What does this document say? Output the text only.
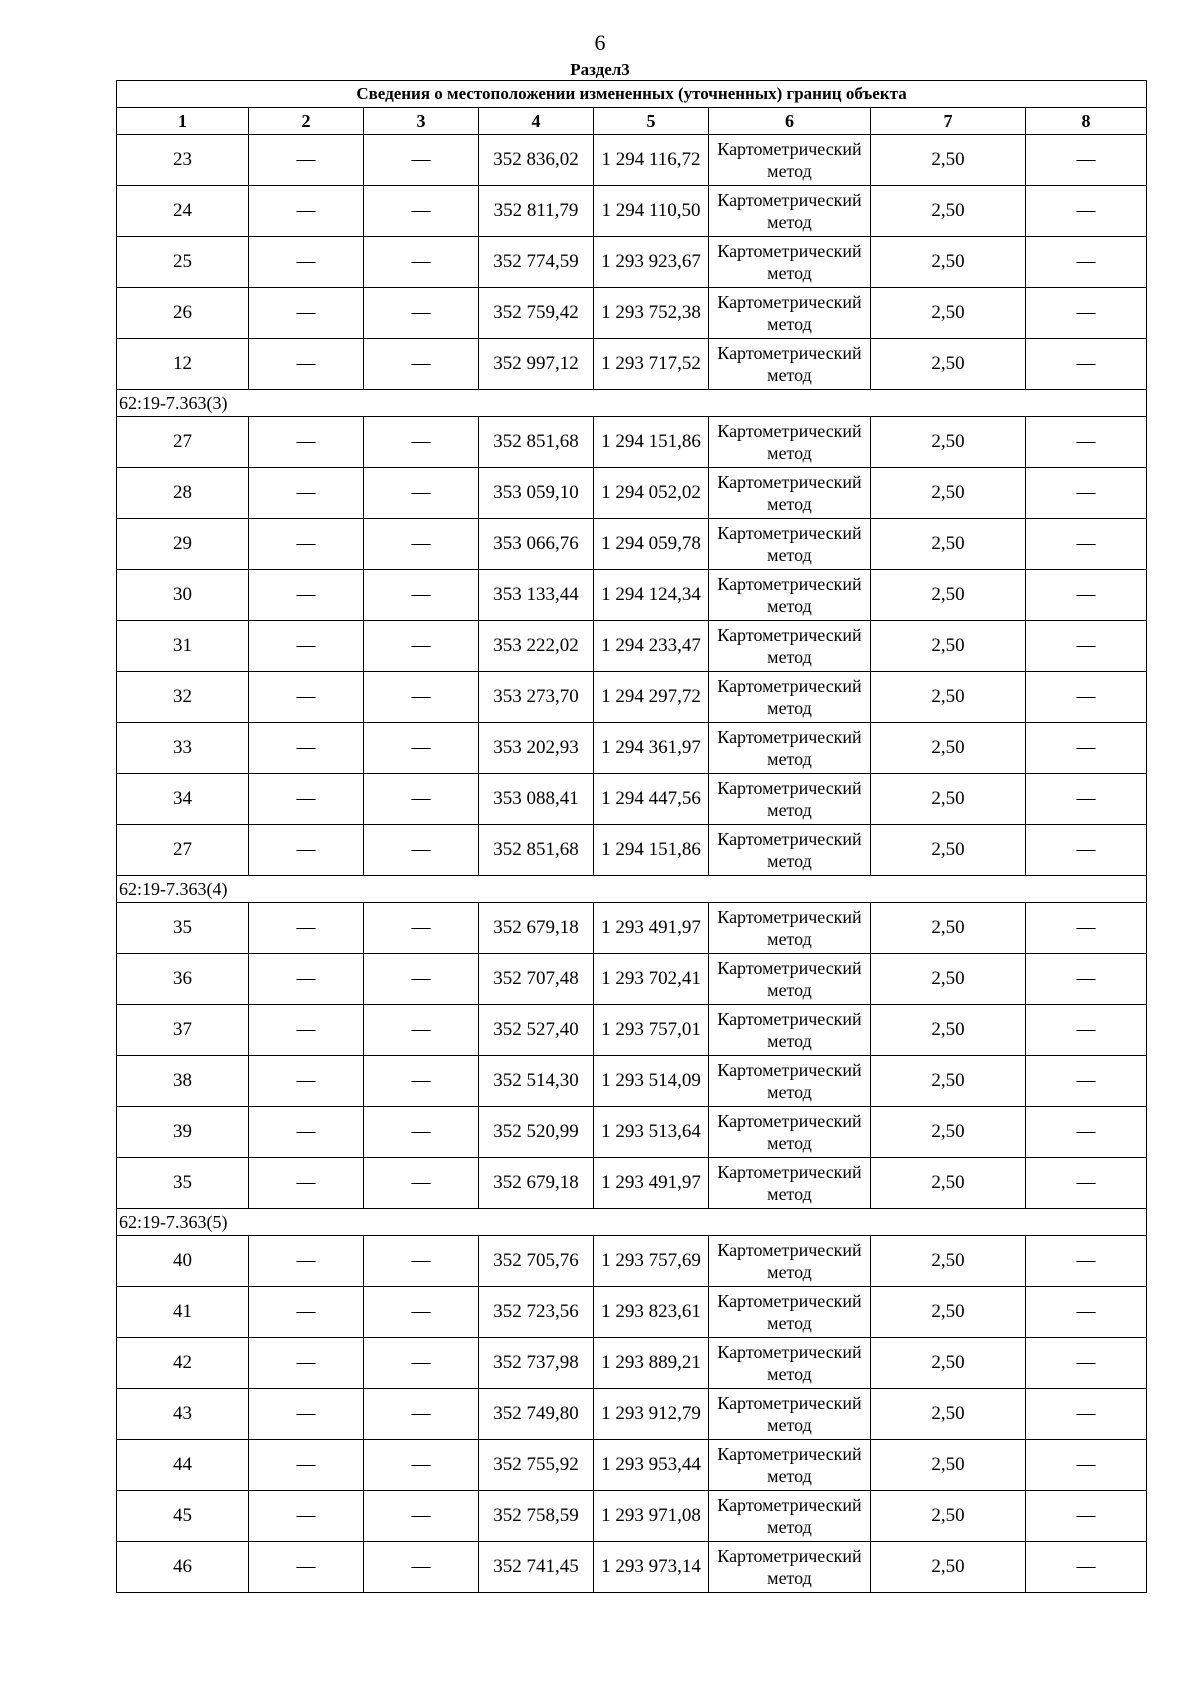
6
Раздел3
Сведения о местоположении измененных (уточненных) границ объекта							
1	2	3	4	5	6	7	8
23	—	—	352 836,02	1 294 116,72	Картометрический метод	2,50	—
24	—	—	352 811,79	1 294 110,50	Картометрический метод	2,50	—
25	—	—	352 774,59	1 293 923,67	Картометрический метод	2,50	—
26	—	—	352 759,42	1 293 752,38	Картометрический метод	2,50	—
12	—	—	352 997,12	1 293 717,52	Картометрический метод	2,50	—
62:19-7.363(3)							
27	—	—	352 851,68	1 294 151,86	Картометрический метод	2,50	—
28	—	—	353 059,10	1 294 052,02	Картометрический метод	2,50	—
29	—	—	353 066,76	1 294 059,78	Картометрический метод	2,50	—
30	—	—	353 133,44	1 294 124,34	Картометрический метод	2,50	—
31	—	—	353 222,02	1 294 233,47	Картометрический метод	2,50	—
32	—	—	353 273,70	1 294 297,72	Картометрический метод	2,50	—
33	—	—	353 202,93	1 294 361,97	Картометрический метод	2,50	—
34	—	—	353 088,41	1 294 447,56	Картометрический метод	2,50	—
27	—	—	352 851,68	1 294 151,86	Картометрический метод	2,50	—
62:19-7.363(4)							
35	—	—	352 679,18	1 293 491,97	Картометрический метод	2,50	—
36	—	—	352 707,48	1 293 702,41	Картометрический метод	2,50	—
37	—	—	352 527,40	1 293 757,01	Картометрический метод	2,50	—
38	—	—	352 514,30	1 293 514,09	Картометрический метод	2,50	—
39	—	—	352 520,99	1 293 513,64	Картометрический метод	2,50	—
35	—	—	352 679,18	1 293 491,97	Картометрический метод	2,50	—
62:19-7.363(5)							
40	—	—	352 705,76	1 293 757,69	Картометрический метод	2,50	—
41	—	—	352 723,56	1 293 823,61	Картометрический метод	2,50	—
42	—	—	352 737,98	1 293 889,21	Картометрический метод	2,50	—
43	—	—	352 749,80	1 293 912,79	Картометрический метод	2,50	—
44	—	—	352 755,92	1 293 953,44	Картометрический метод	2,50	—
45	—	—	352 758,59	1 293 971,08	Картометрический метод	2,50	—
46	—	—	352 741,45	1 293 973,14	Картометрический метод	2,50	—
